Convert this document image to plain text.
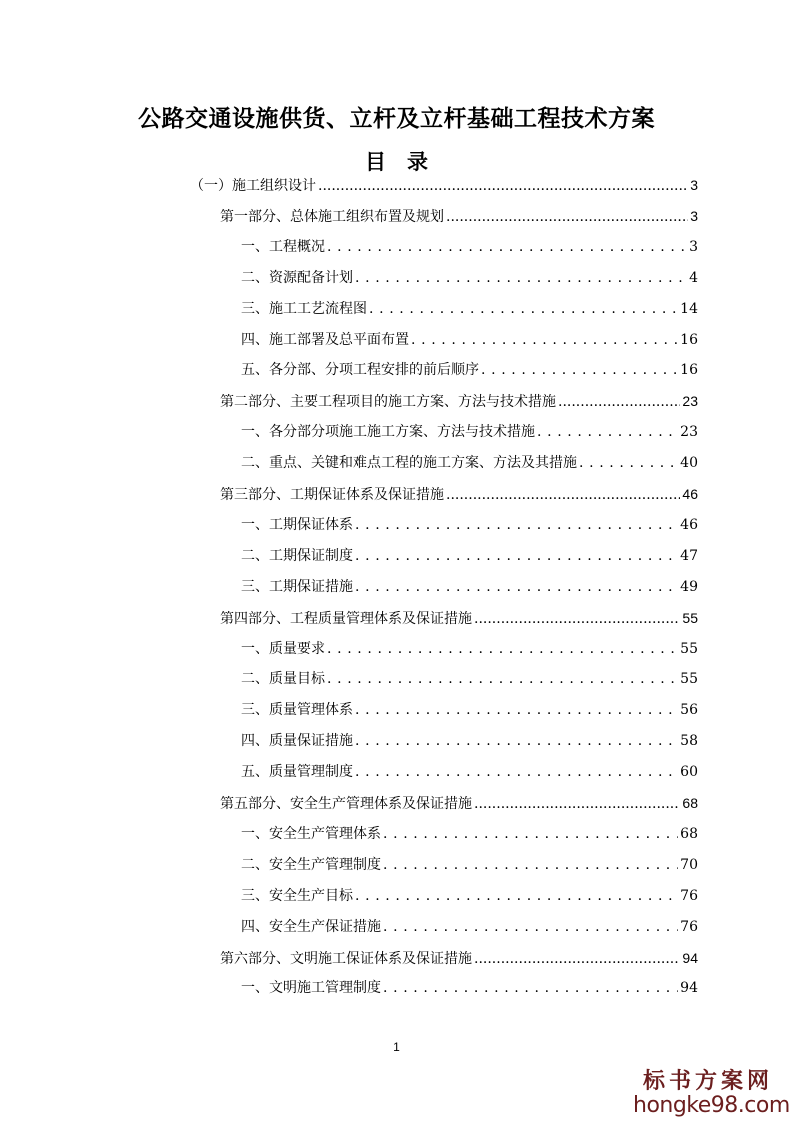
公路交通设施供货、立杆及立杆基础工程技术方案
目　录
（一）施工组织设计 .....	3
第一部分、总体施工组织布置及规划 .....	3
一、工程概况 . . .	3
二、资源配备计划 . . .	4
三、施工工艺流程图 . . .	14
四、施工部署及总平面布置 . . .	16
五、各分部、分项工程安排的前后顺序 . . .	16
第二部分、主要工程项目的施工方案、方法与技术措施 .....	23
一、各分部分项施工施工方案、方法与技术措施 . . .	23
二、重点、关键和难点工程的施工方案、方法及其措施 . . .	40
第三部分、工期保证体系及保证措施 .....	46
一、工期保证体系 . . .	46
二、工期保证制度 . . .	47
三、工期保证措施 . . .	49
第四部分、工程质量管理体系及保证措施 .....	55
一、质量要求 . . .	55
二、质量目标 . . .	55
三、质量管理体系 . . .	56
四、质量保证措施 . . .	58
五、质量管理制度 . . .	60
第五部分、安全生产管理体系及保证措施 .....	68
一、安全生产管理体系 . . .	68
二、安全生产管理制度 . . .	70
三、安全生产目标 . . .	76
四、安全生产保证措施 . . .	76
第六部分、文明施工保证体系及保证措施 .....	94
一、文明施工管理制度 . . .	94
1
标书方案网
hongke98.com
